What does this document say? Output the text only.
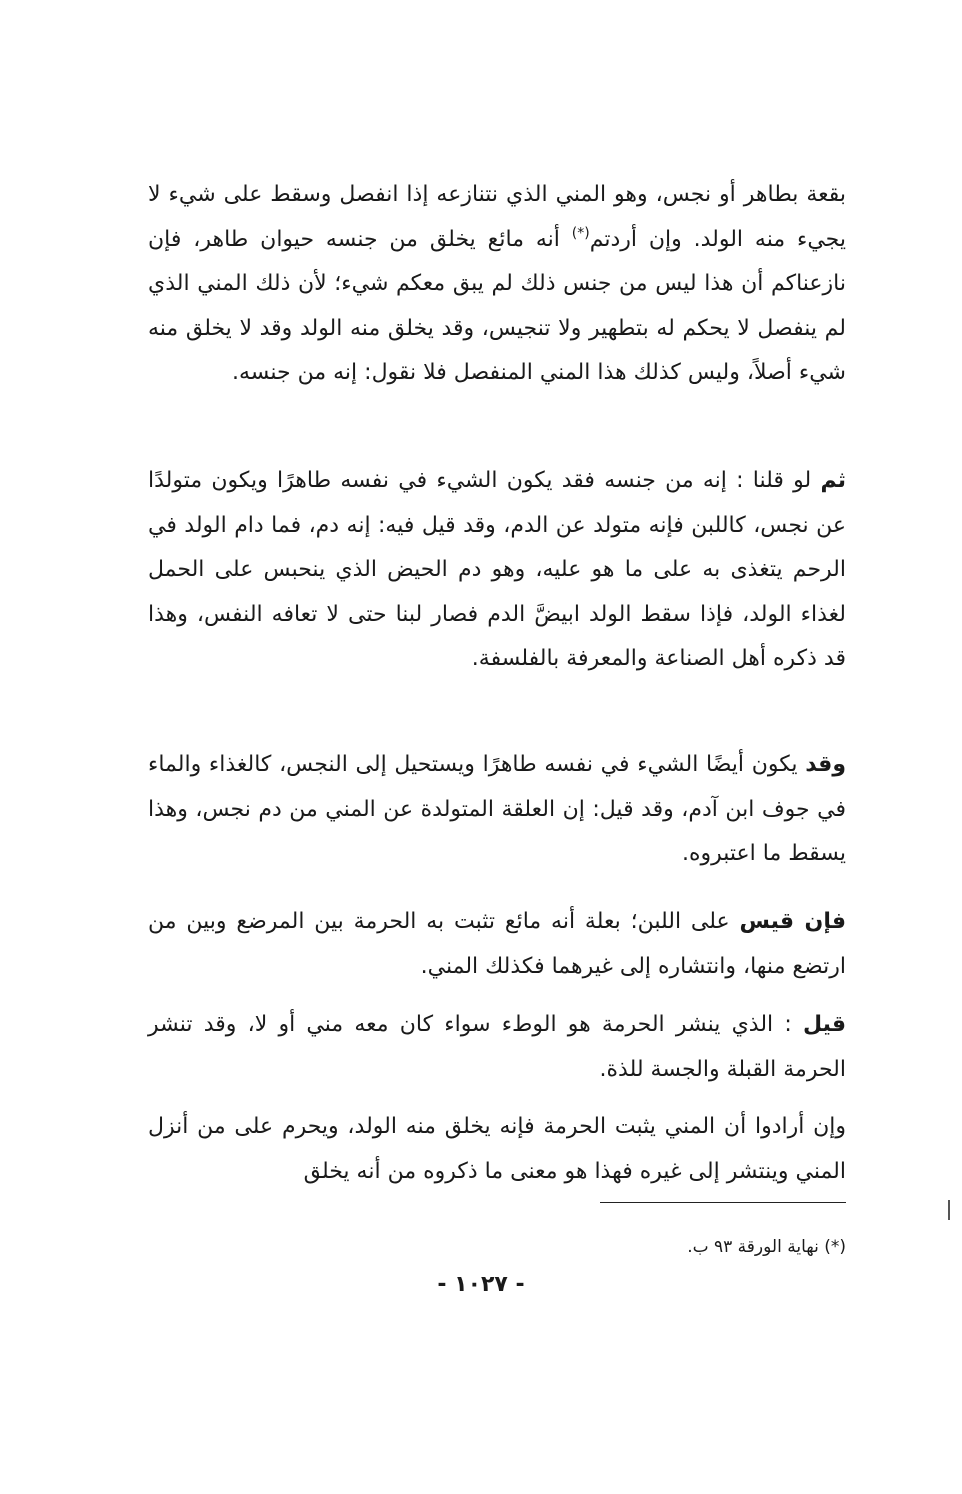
بقعة بطاهر أو نجس، وهو المني الذي نتنازعه إذا انفصل وسقط على شيء لا يجيء منه الولد. وإن أردتم(*) أنه مائع يخلق من جنسه حيوان طاهر، فإن نازعناكم أن هذا ليس من جنس ذلك لم يبق معكم شيء؛ لأن ذلك المني الذي لم ينفصل لا يحكم له بتطهير ولا تنجيس، وقد يخلق منه الولد وقد لا يخلق منه شيء أصلاً، وليس كذلك هذا المني المنفصل فلا نقول: إنه من جنسه.

ثم لو قلنا : إنه من جنسه فقد يكون الشيء في نفسه طاهرًا ويكون متولدًا عن نجس، كاللبن فإنه متولد عن الدم، وقد قيل فيه: إنه دم، فما دام الولد في الرحم يتغذى به على ما هو عليه، وهو دم الحيض الذي ينحبس على الحمل لغذاء الولد، فإذا سقط الولد ابيضَّ الدم فصار لبنا حتى لا تعافه النفس، وهذا قد ذكره أهل الصناعة والمعرفة بالفلسفة.

وقد يكون أيضًا الشيء في نفسه طاهرًا ويستحيل إلى النجس، كالغذاء والماء في جوف ابن آدم، وقد قيل: إن العلقة المتولدة عن المني من دم نجس، وهذا يسقط ما اعتبروه.

فإن قيس على اللبن؛ بعلة أنه مائع تثبت به الحرمة بين المرضع وبين من ارتضع منها، وانتشاره إلى غيرهما فكذلك المني.

قيل : الذي ينشر الحرمة هو الوطء سواء كان معه مني أو لا، وقد تنشر الحرمة القبلة والجسة للذة.

وإن أرادوا أن المني يثبت الحرمة فإنه يخلق منه الولد، ويحرم على من أنزل المني وينتشر إلى غيره فهذا هو معنى ما ذكروه من أنه يخلق

(*) نهاية الورقة ٩٣ ب.
- ١٠٢٧ -
